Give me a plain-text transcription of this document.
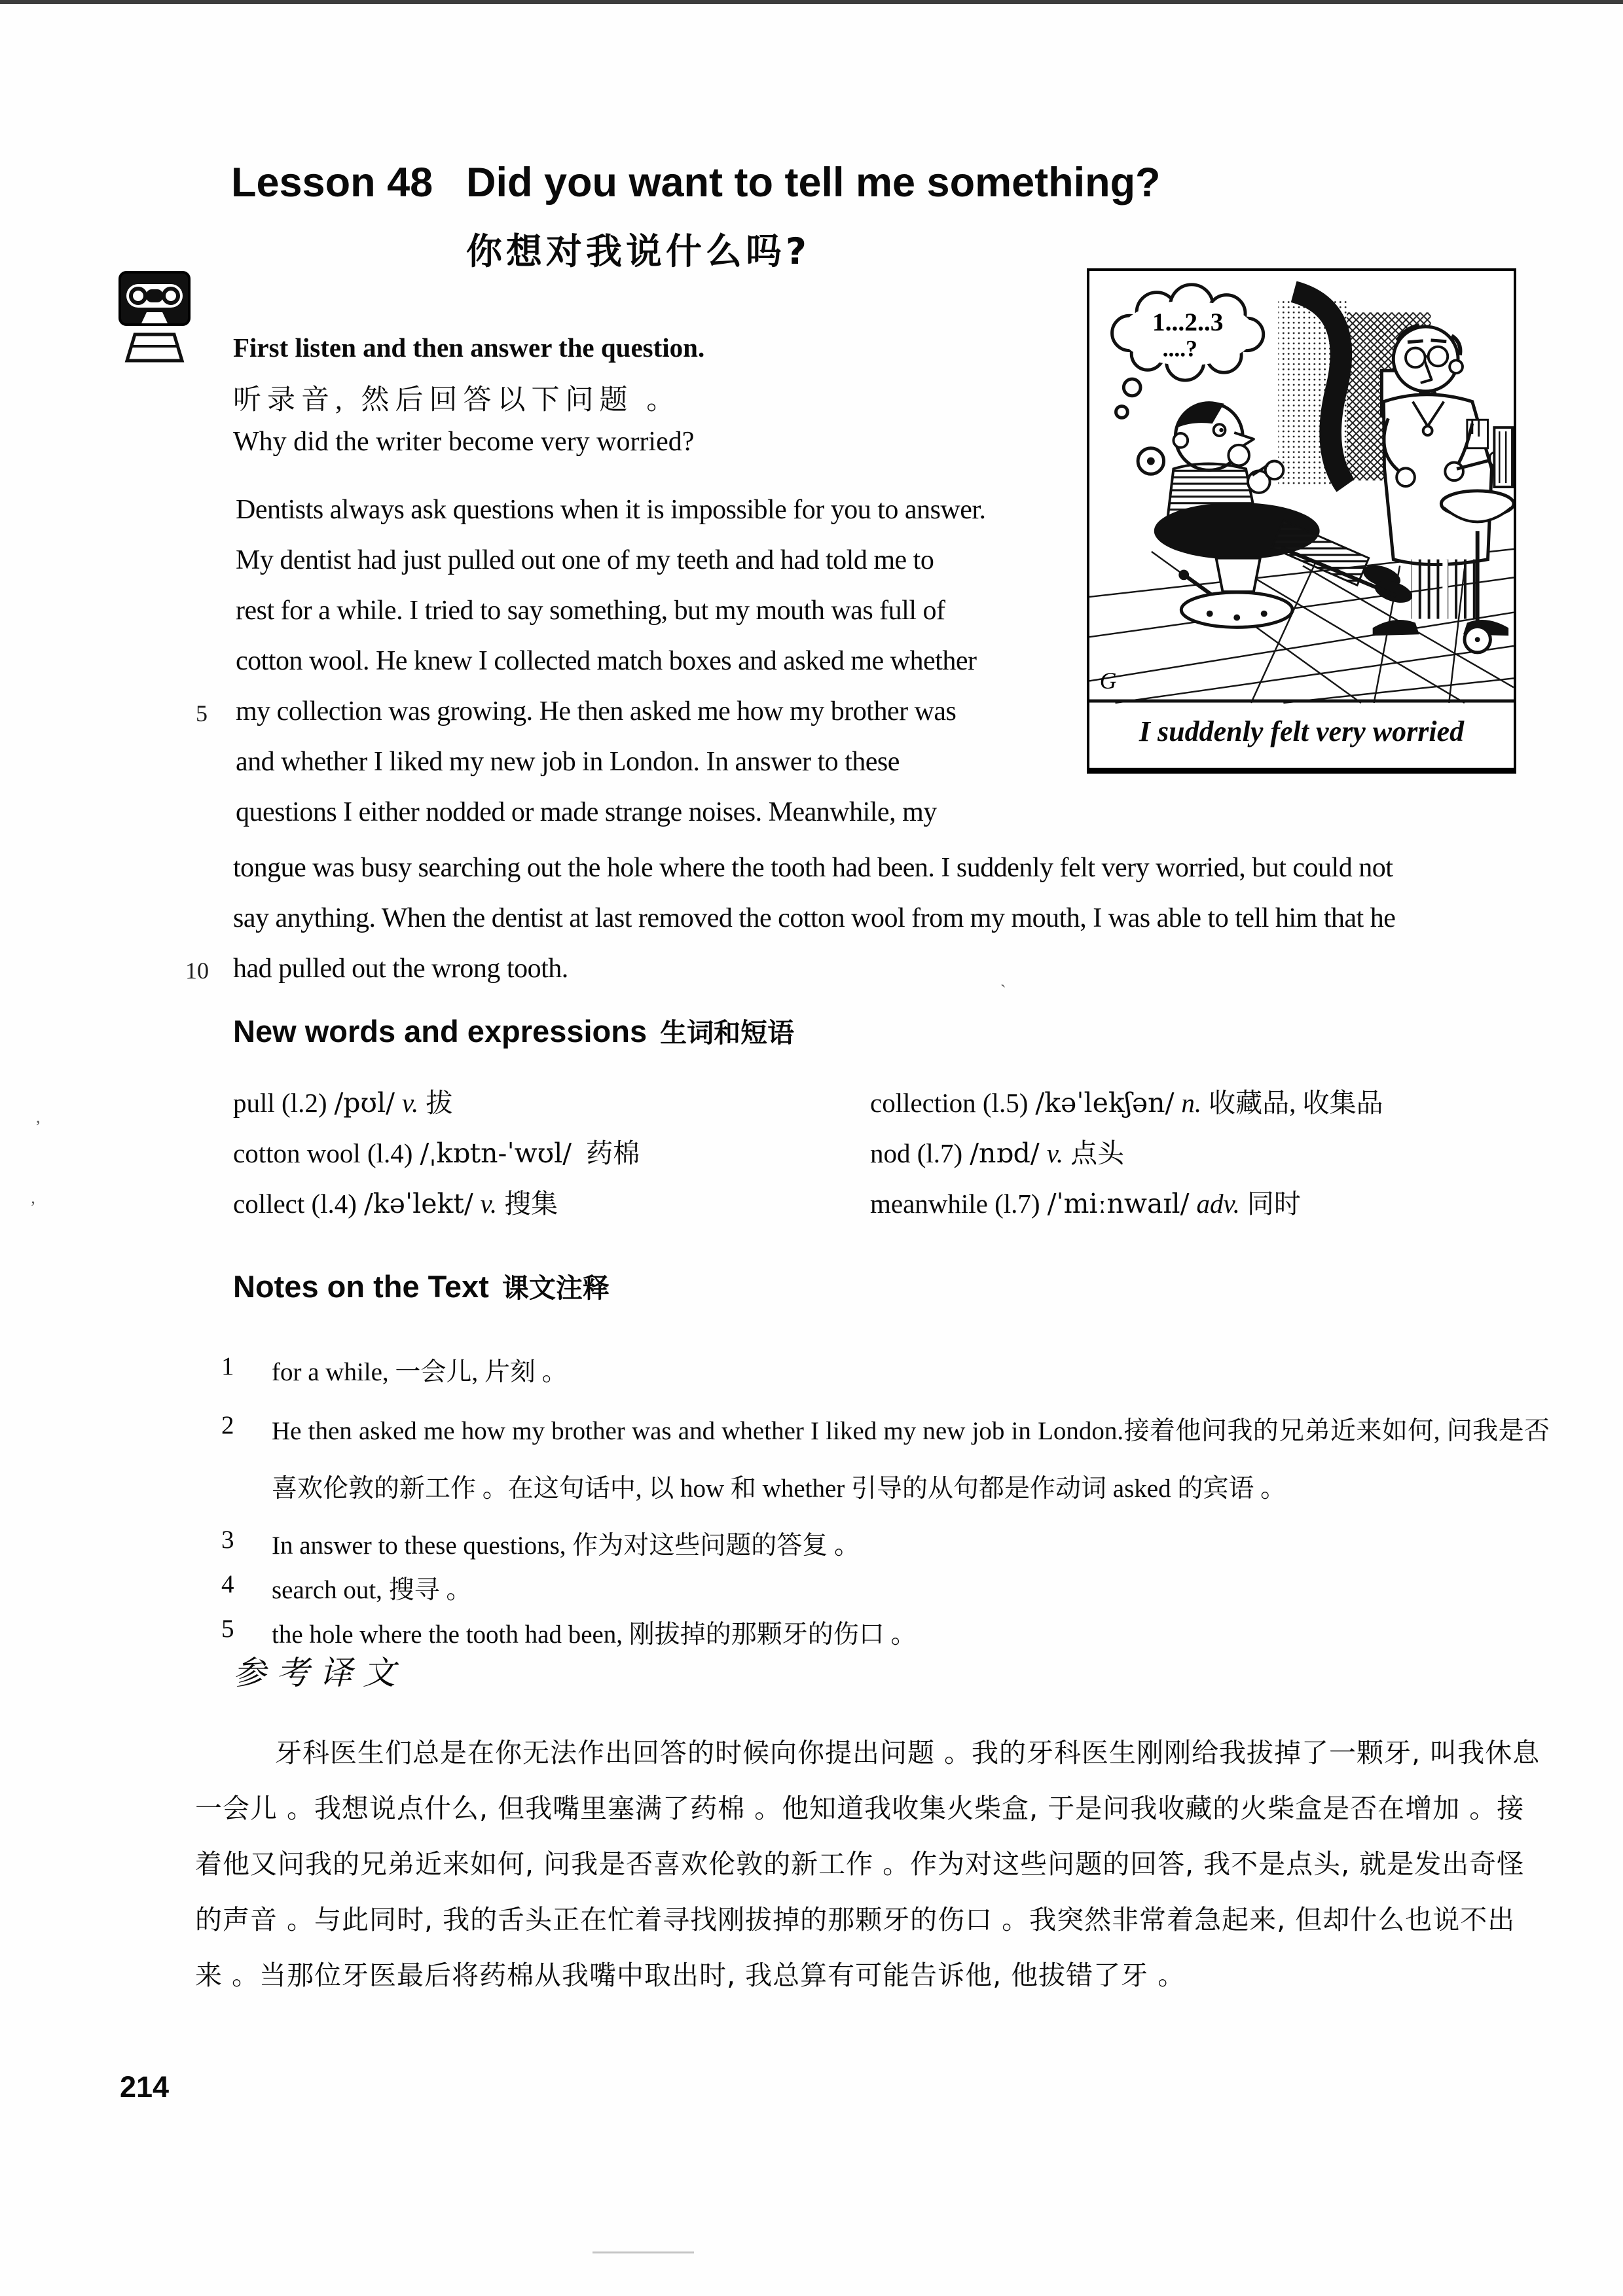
Lesson 48 Did you want to tell me something?
你想对我说什么吗?
First listen and then answer the question.
听录音, 然后回答以下问题 。
Why did the writer become very worried?
Dentists always ask questions when it is impossible for you to answer.
My dentist had just pulled out one of my teeth and had told me to
rest for a while. I tried to say something, but my mouth was full of
cotton wool. He knew I collected match boxes and asked me whether
5 my collection was growing. He then asked me how my brother was
and whether I liked my new job in London. In answer to these
questions I either nodded or made strange noises. Meanwhile, my
tongue was busy searching out the hole where the tooth had been. I suddenly felt very worried, but could not
say anything. When the dentist at last removed the cotton wool from my mouth, I was able to tell him that he
10 had pulled out the wrong tooth.
1...2..3
....?
G
I suddenly felt very worried
New words and expressions 生词和短语
pull (l.2) /pʊl/ v. 拔
cotton wool (l.4) /ˌkɒtn-ˈwʊl/ 药棉
collect (l.4) /kəˈlekt/ v. 搜集
collection (l.5) /kəˈlekʃən/ n. 收藏品, 收集品
nod (l.7) /nɒd/ v. 点头
meanwhile (l.7) /ˈmiːnwaɪl/ adv. 同时
Notes on the Text 课文注释
1	for a while, 一会儿, 片刻 。
2	He then asked me how my brother was and whether I liked my new job in London.接着他问我的兄弟近来如何, 问我是否喜欢伦敦的新工作 。在这句话中, 以 how 和 whether 引导的从句都是作动词 asked 的宾语 。
3	In answer to these questions, 作为对这些问题的答复 。
4	search out, 搜寻 。
5	the hole where the tooth had been, 刚拔掉的那颗牙的伤口 。
参考译文
牙科医生们总是在你无法作出回答的时候向你提出问题 。我的牙科医生刚刚给我拔掉了一颗牙, 叫我休息
一会儿 。我想说点什么, 但我嘴里塞满了药棉 。他知道我收集火柴盒, 于是问我收藏的火柴盒是否在增加 。接
着他又问我的兄弟近来如何, 问我是否喜欢伦敦的新工作 。作为对这些问题的回答, 我不是点头, 就是发出奇怪
的声音 。与此同时, 我的舌头正在忙着寻找刚拔掉的那颗牙的伤口 。我突然非常着急起来, 但却什么也说不出
来 。当那位牙医最后将药棉从我嘴中取出时, 我总算有可能告诉他, 他拔错了牙 。
214
,
’
`
